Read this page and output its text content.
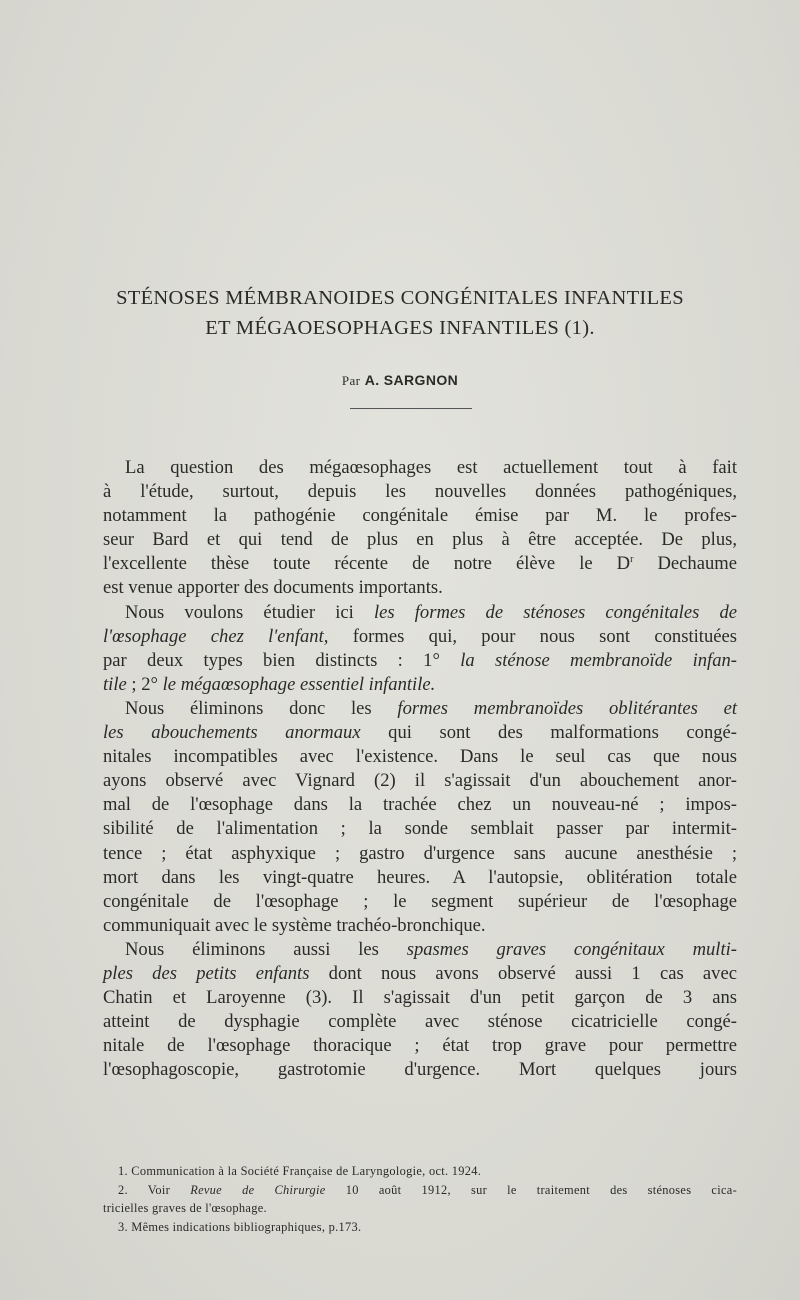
STÉNOSES MÉMBRANOIDES CONGÉNITALES INFANTILES
ET MÉGAOESOPHAGES INFANTILES (1).
Par A. SARGNON
La question des mégaœsophages est actuellement tout à fait
à l'étude, surtout, depuis les nouvelles données pathogéniques,
notamment la pathogénie congénitale émise par M. le profes-
seur Bard et qui tend de plus en plus à être acceptée. De plus,
l'excellente thèse toute récente de notre élève le $D^r$ Dechaume
est venue apporter des documents importants.
Nous voulons étudier ici les formes de sténoses congénitales de
l'œsophage chez l'enfant, formes qui, pour nous sont constituées
par deux types bien distincts : 1° la sténose membranoïde infan-
tile ; 2° le mégaœsophage essentiel infantile.
Nous éliminons donc les formes membranoïdes oblitérantes et
les abouchements anormaux qui sont des malformations congé-
nitales incompatibles avec l'existence. Dans le seul cas que nous
ayons observé avec Vignard (2) il s'agissait d'un abouchement anor-
mal de l'œsophage dans la trachée chez un nouveau-né ; impos-
sibilité de l'alimentation ; la sonde semblait passer par intermit-
tence ; état asphyxique ; gastro d'urgence sans aucune anesthésie ;
mort dans les vingt-quatre heures. A l'autopsie, oblitération totale
congénitale de l'œsophage ; le segment supérieur de l'œsophage
communiquait avec le système trachéo-bronchique.
Nous éliminons aussi les spasmes graves congénitaux multi-
ples des petits enfants dont nous avons observé aussi 1 cas avec
Chatin et Laroyenne (3). Il s'agissait d'un petit garçon de 3 ans
atteint de dysphagie complète avec sténose cicatricielle congé-
nitale de l'œsophage thoracique ; état trop grave pour permettre
l'œsophagoscopie, gastrotomie d'urgence. Mort quelques jours
1. Communication à la Société Française de Laryngologie, oct. 1924.
2. Voir Revue de Chirurgie 10 août 1912, sur le traitement des sténoses cica-
tricielles graves de l'œsophage.
3. Mêmes indications bibliographiques, p.173.
